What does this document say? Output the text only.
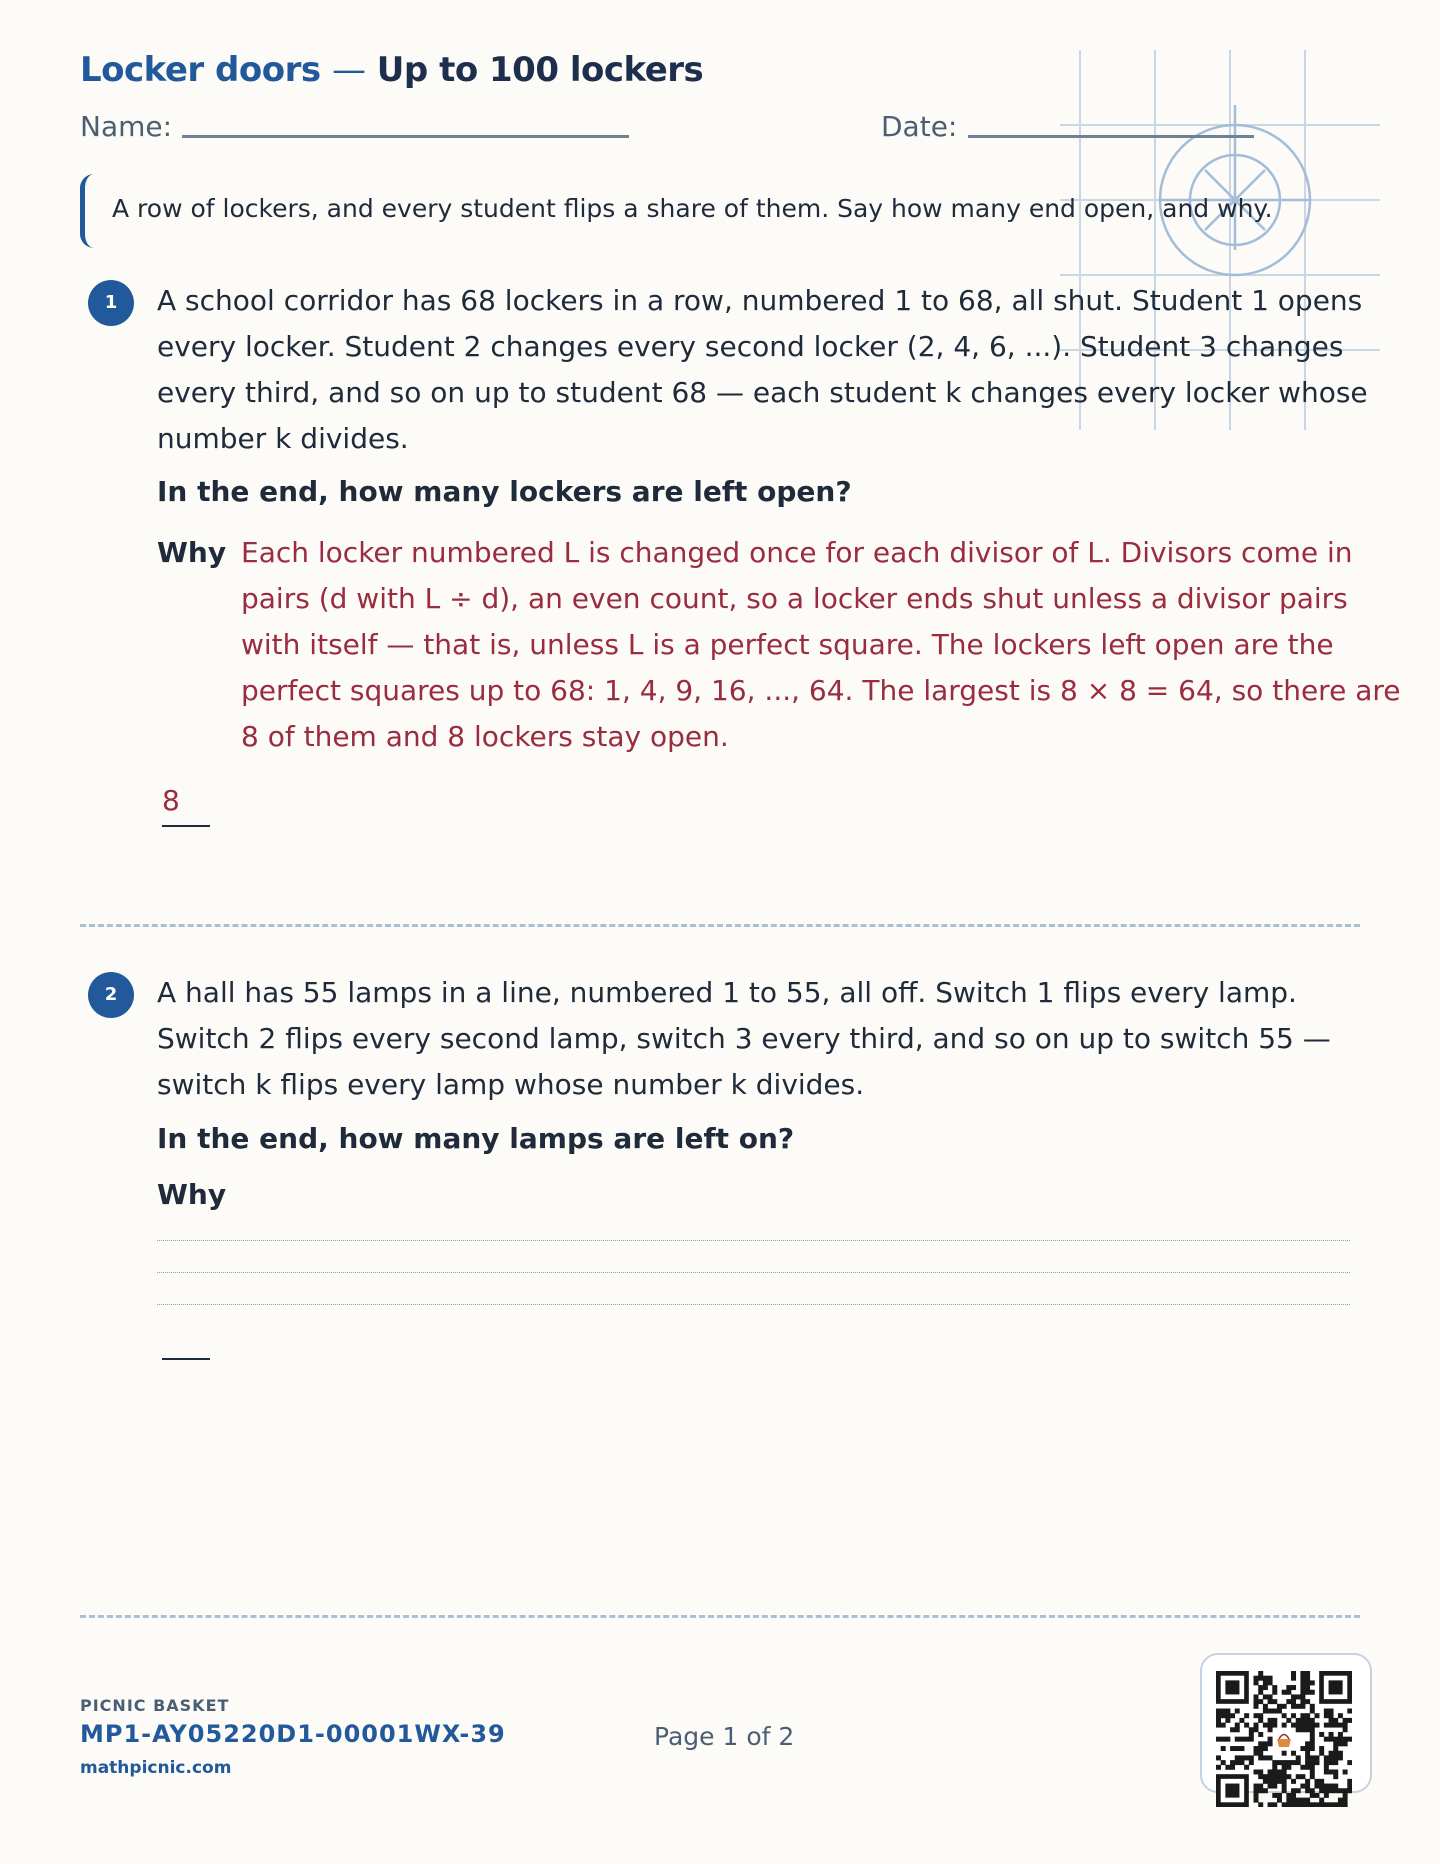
Locker doors — Up to 100 lockers
Name:	Date:
A row of lockers, and every student flips a share of them. Say how many end open, and why.
1	A school corridor has 68 lockers in a row, numbered 1 to 68, all shut. Student 1 opens
every locker. Student 2 changes every second locker (2, 4, 6, ...). Student 3 changes
every third, and so on up to student 68 — each student k changes every locker whose
number k divides.
In the end, how many lockers are left open?
Why Each locker numbered L is changed once for each divisor of L. Divisors come in
pairs (d with L ÷ d), an even count, so a locker ends shut unless a divisor pairs
with itself — that is, unless L is a perfect square. The lockers left open are the
perfect squares up to 68: 1, 4, 9, 16, ..., 64. The largest is 8 × 8 = 64, so there are
8 of them and 8 lockers stay open.
8
2	A hall has 55 lamps in a line, numbered 1 to 55, all off. Switch 1 flips every lamp.
Switch 2 flips every second lamp, switch 3 every third, and so on up to switch 55 —
switch k flips every lamp whose number k divides.
In the end, how many lamps are left on?
Why
PICNIC BASKET
MP1-AY05220D1-00001WX-39
mathpicnic.com
Page 1 of 2
